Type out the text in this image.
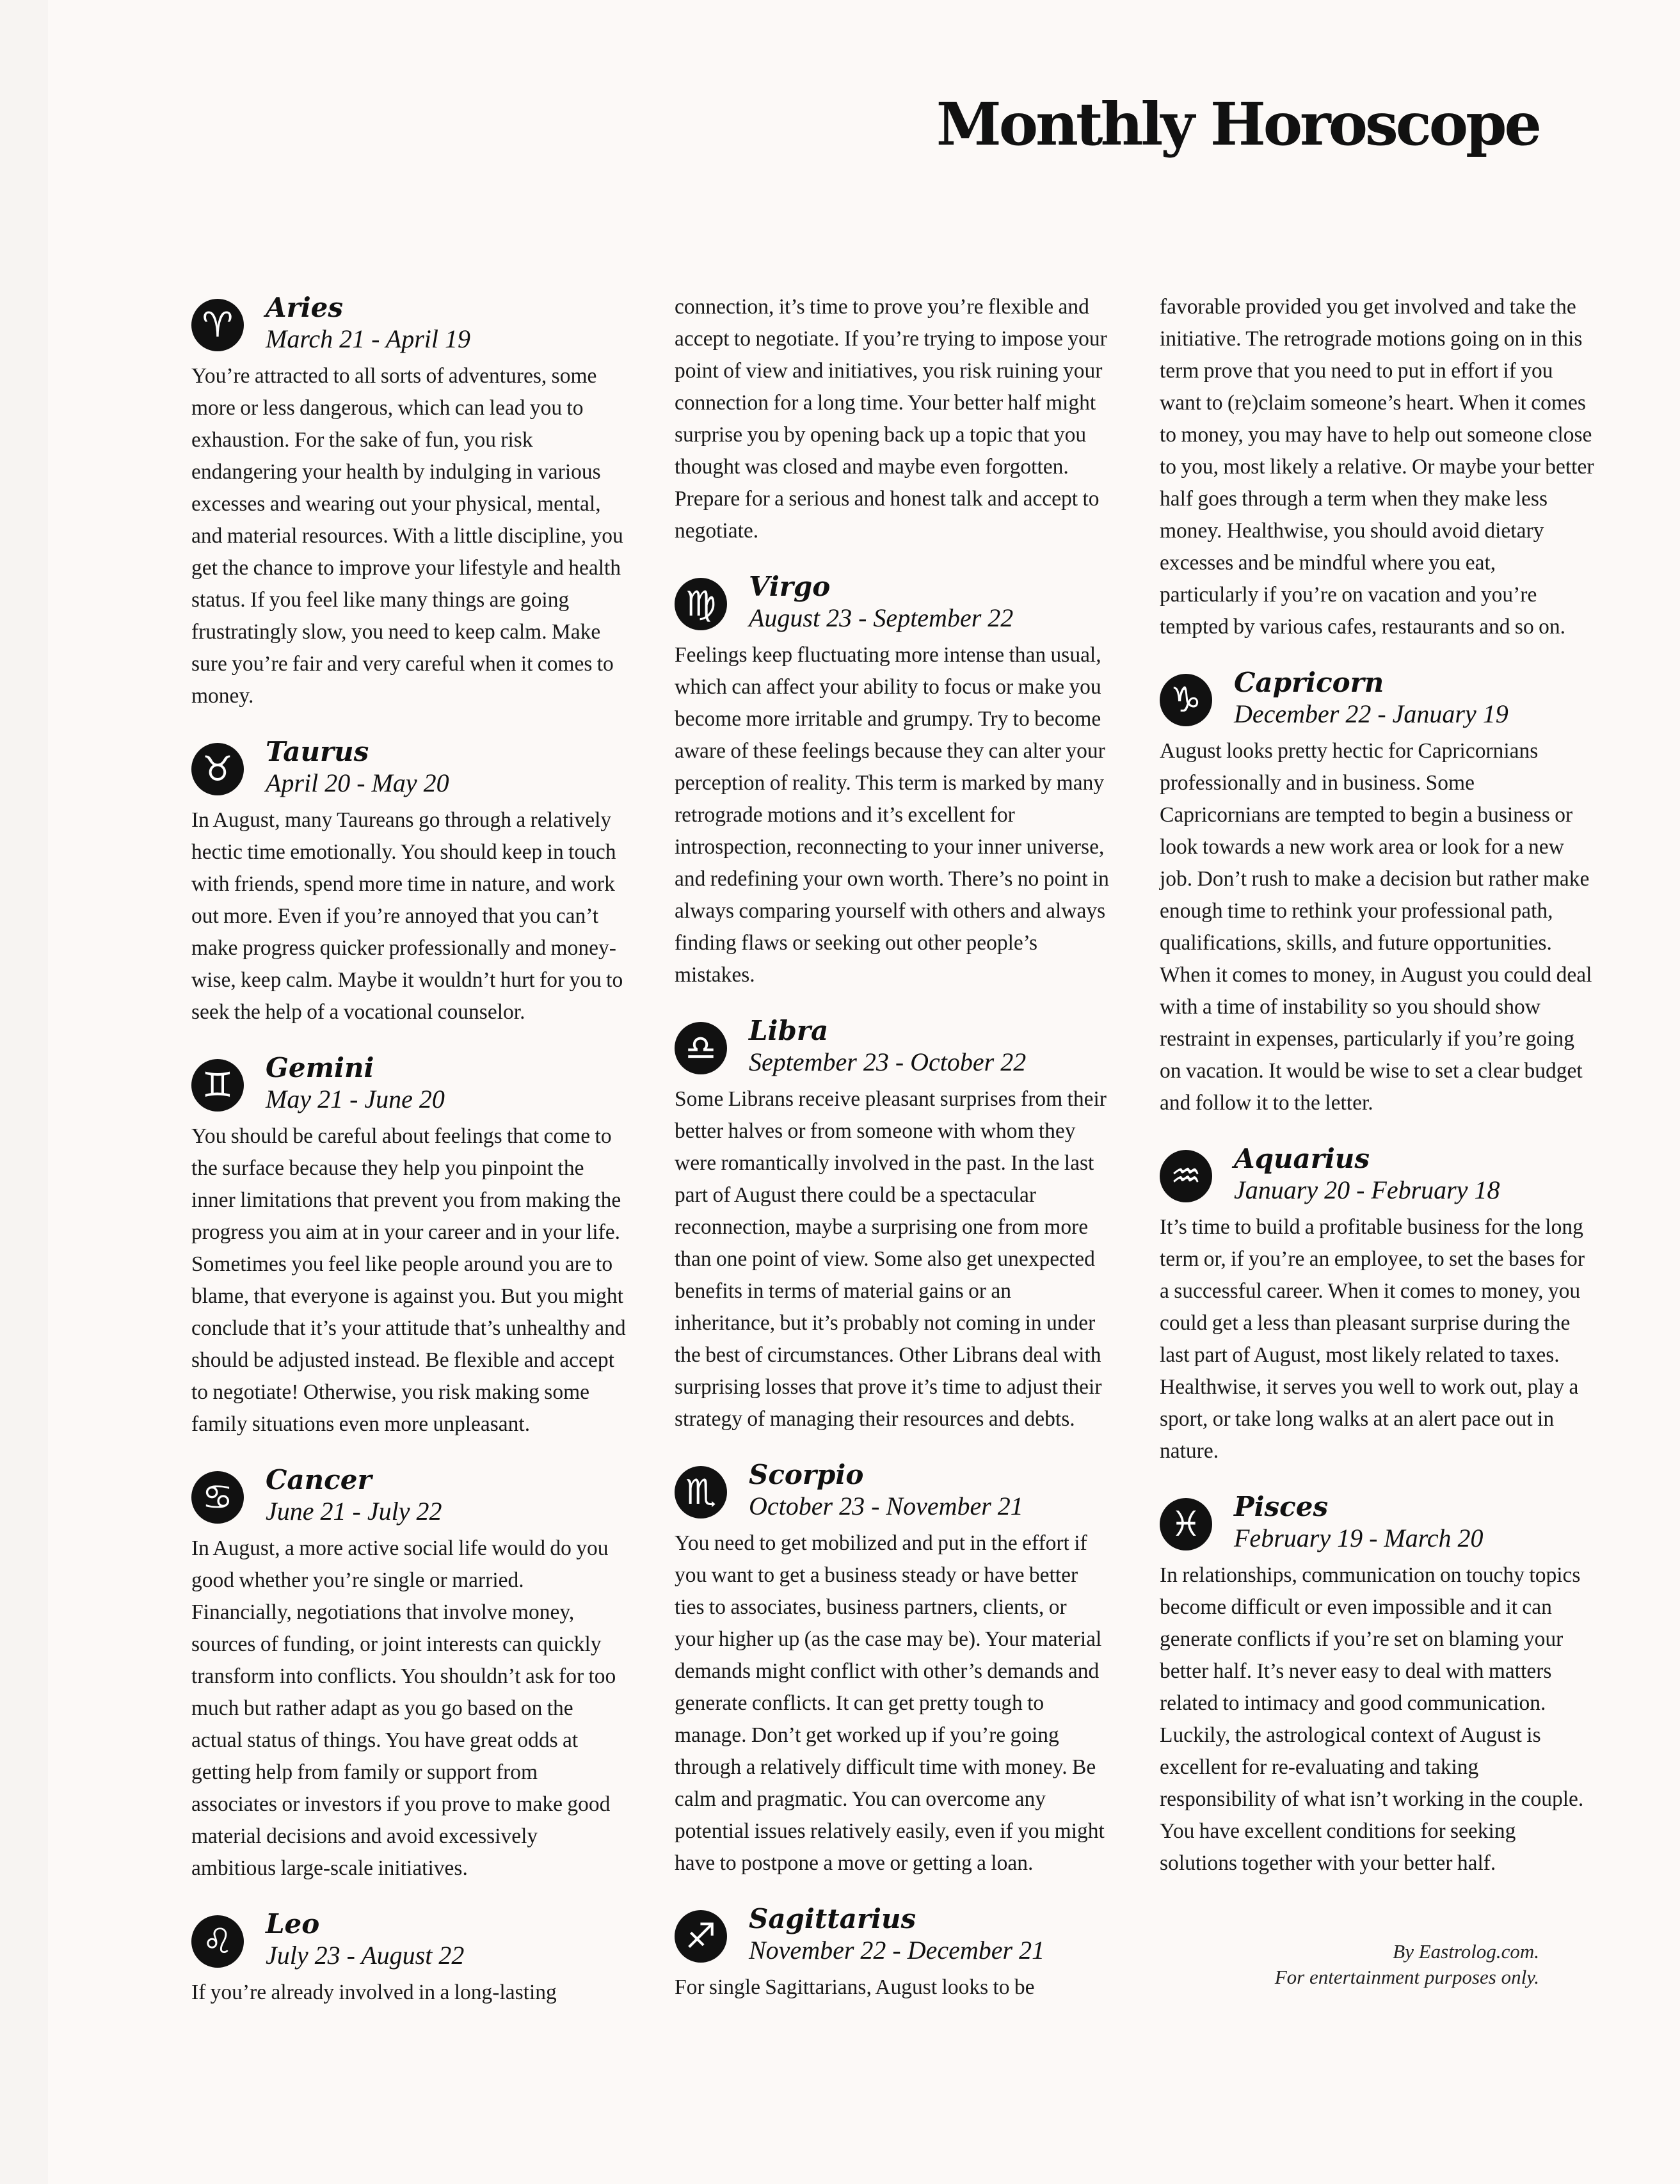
Monthly Horoscope
♈	Aries
March 21 - April 19

You’re attracted to all sorts of adventures, some more or less dangerous, which can lead you to exhaustion. For the sake of fun, you risk endangering your health by indulging in various excesses and wearing out your physical, mental, and material resources. With a little discipline, you get the chance to improve your lifestyle and health status. If you feel like many things are going frustratingly slow, you need to keep calm. Make sure you’re fair and very careful when it comes to money.

♉	Taurus
April 20 - May 20

In August, many Taureans go through a relatively hectic time emotionally. You should keep in touch with friends, spend more time in nature, and work out more. Even if you’re annoyed that you can’t make progress quicker professionally and money-wise, keep calm. Maybe it wouldn’t hurt for you to seek the help of a vocational counselor.

♊	Gemini
May 21 - June 20

You should be careful about feelings that come to the surface because they help you pinpoint the inner limitations that prevent you from making the progress you aim at in your career and in your life. Sometimes you feel like people around you are to blame, that everyone is against you. But you might conclude that it’s your attitude that’s unhealthy and should be adjusted instead. Be flexible and accept to negotiate! Otherwise, you risk making some family situations even more unpleasant.

♋	Cancer
June 21 - July 22

In August, a more active social life would do you good whether you’re single or married. Financially, negotiations that involve money, sources of funding, or joint interests can quickly transform into conflicts. You shouldn’t ask for too much but rather adapt as you go based on the actual status of things. You have great odds at getting help from family or support from associates or investors if you prove to make good material decisions and avoid excessively ambitious large-scale initiatives.

♌	Leo
July 23 - August 22

If you’re already involved in a long-lasting

connection, it’s time to prove you’re flexible and accept to negotiate. If you’re trying to impose your point of view and initiatives, you risk ruining your connection for a long time. Your better half might surprise you by opening back up a topic that you thought was closed and maybe even forgotten. Prepare for a serious and honest talk and accept to negotiate.

♍	Virgo
August 23 - September 22

Feelings keep fluctuating more intense than usual, which can affect your ability to focus or make you become more irritable and grumpy. Try to become aware of these feelings because they can alter your perception of reality. This term is marked by many retrograde motions and it’s excellent for introspection, reconnecting to your inner universe, and redefining your own worth. There’s no point in always comparing yourself with others and always finding flaws or seeking out other people’s mistakes.

♎	Libra
September 23 - October 22

Some Librans receive pleasant surprises from their better halves or from someone with whom they were romantically involved in the past. In the last part of August there could be a spectacular reconnection, maybe a surprising one from more than one point of view. Some also get unexpected benefits in terms of material gains or an inheritance, but it’s probably not coming in under the best of circumstances. Other Librans deal with surprising losses that prove it’s time to adjust their strategy of managing their resources and debts.

♏	Scorpio
October 23 - November 21

You need to get mobilized and put in the effort if you want to get a business steady or have better ties to associates, business partners, clients, or your higher up (as the case may be). Your material demands might conflict with other’s demands and generate conflicts. It can get pretty tough to manage. Don’t get worked up if you’re going through a relatively difficult time with money. Be calm and pragmatic. You can overcome any potential issues relatively easily, even if you might have to postpone a move or getting a loan.

♐	Sagittarius
November 22 - December 21

For single Sagittarians, August looks to be

favorable provided you get involved and take the initiative. The retrograde motions going on in this term prove that you need to put in effort if you want to (re)claim someone’s heart. When it comes to money, you may have to help out someone close to you, most likely a relative. Or maybe your better half goes through a term when they make less money. Healthwise, you should avoid dietary excesses and be mindful where you eat, particularly if you’re on vacation and you’re tempted by various cafes, restaurants and so on.

♑	Capricorn
December 22 - January 19

August looks pretty hectic for Capricornians professionally and in business. Some Capricornians are tempted to begin a business or look towards a new work area or look for a new job. Don’t rush to make a decision but rather make enough time to rethink your professional path, qualifications, skills, and future opportunities. When it comes to money, in August you could deal with a time of instability so you should show restraint in expenses, particularly if you’re going on vacation. It would be wise to set a clear budget and follow it to the letter.

♒	Aquarius
January 20 - February 18

It’s time to build a profitable business for the long term or, if you’re an employee, to set the bases for a successful career. When it comes to money, you could get a less than pleasant surprise during the last part of August, most likely related to taxes. Healthwise, it serves you well to work out, play a sport, or take long walks at an alert pace out in nature.

♓	Pisces
February 19 - March 20

In relationships, communication on touchy topics become difficult or even impossible and it can generate conflicts if you’re set on blaming your better half. It’s never easy to deal with matters related to intimacy and good communication. Luckily, the astrological context of August is excellent for re-evaluating and taking responsibility of what isn’t working in the couple. You have excellent conditions for seeking solutions together with your better half.

By Eastrolog.com.
For entertainment purposes only.
